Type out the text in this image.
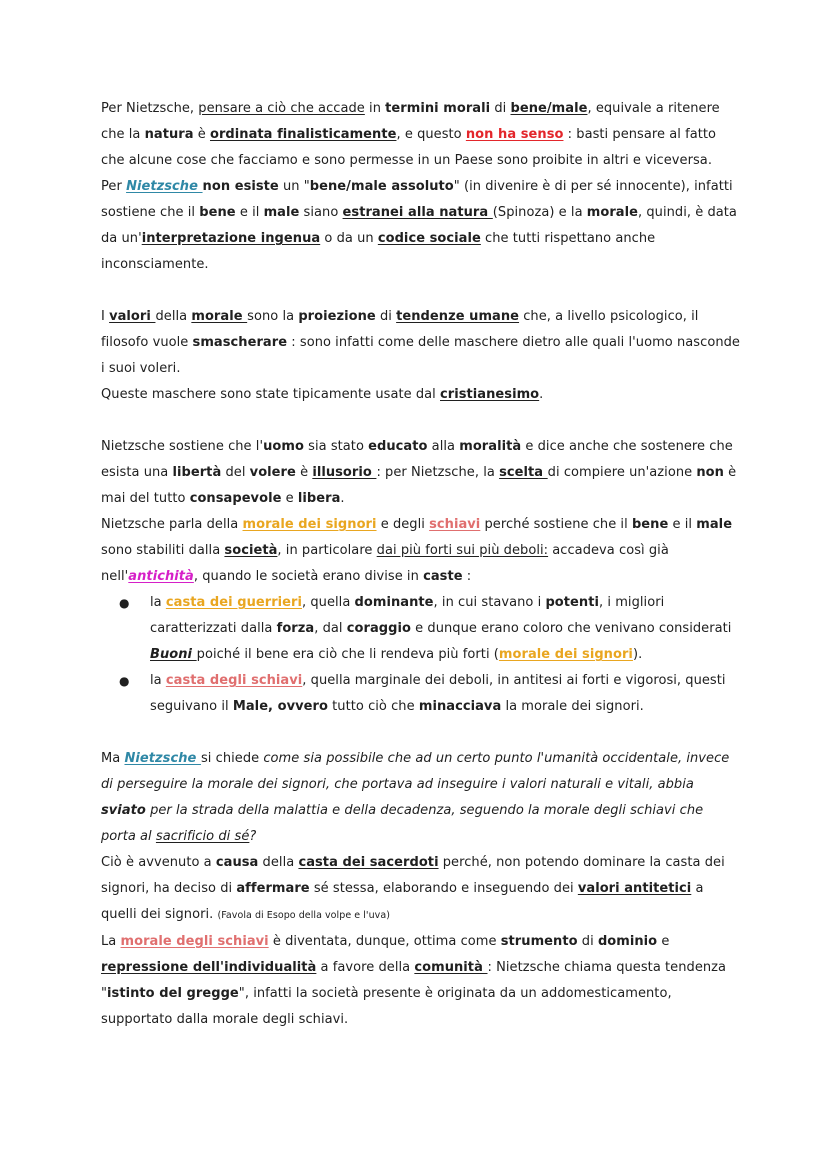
Per Nietzsche, pensare a ciò che accade in termini morali di bene/male, equivale a ritenere che la natura è ordinata finalisticamente, e questo non ha senso : basti pensare al fatto che alcune cose che facciamo e sono permesse in un Paese sono proibite in altri e viceversa.
Per Nietzsche non esiste un "bene/male assoluto" (in divenire è di per sé innocente), infatti sostiene che il bene e il male siano estranei alla natura (Spinoza) e la morale, quindi, è data da un'interpretazione ingenua o da un codice sociale che tutti rispettano anche inconsciamente.

I valori della morale sono la proiezione di tendenze umane che, a livello psicologico, il filosofo vuole smascherare : sono infatti come delle maschere dietro alle quali l'uomo nasconde i suoi voleri.
Queste maschere sono state tipicamente usate dal cristianesimo.

Nietzsche sostiene che l'uomo sia stato educato alla moralità e dice anche che sostenere che esista una libertà del volere è illusorio : per Nietzsche, la scelta di compiere un'azione non è mai del tutto consapevole e libera.

Nietzsche parla della morale dei signori e degli schiavi perché sostiene che il bene e il male sono stabiliti dalla società, in particolare dai più forti sui più deboli: accadeva così già nell'antichità, quando le società erano divise in caste :

● la casta dei guerrieri, quella dominante, in cui stavano i potenti, i migliori caratterizzati dalla forza, dal coraggio e dunque erano coloro che venivano considerati Buoni poiché il bene era ciò che li rendeva più forti (morale dei signori).
● la casta degli schiavi, quella marginale dei deboli, in antitesi ai forti e vigorosi, questi seguivano il Male, ovvero tutto ciò che minacciava la morale dei signori.

Ma Nietzsche si chiede come sia possibile che ad un certo punto l'umanità occidentale, invece di perseguire la morale dei signori, che portava ad inseguire i valori naturali e vitali, abbia sviato per la strada della malattia e della decadenza, seguendo la morale degli schiavi che porta al sacrificio di sé?
Ciò è avvenuto a causa della casta dei sacerdoti perché, non potendo dominare la casta dei signori, ha deciso di affermare sé stessa, elaborando e inseguendo dei valori antitetici a quelli dei signori. (Favola di Esopo della volpe e l'uva)
La morale degli schiavi è diventata, dunque, ottima come strumento di dominio e repressione dell'individualità a favore della comunità : Nietzsche chiama questa tendenza "istinto del gregge", infatti la società presente è originata da un addomesticamento, supportato dalla morale degli schiavi.
